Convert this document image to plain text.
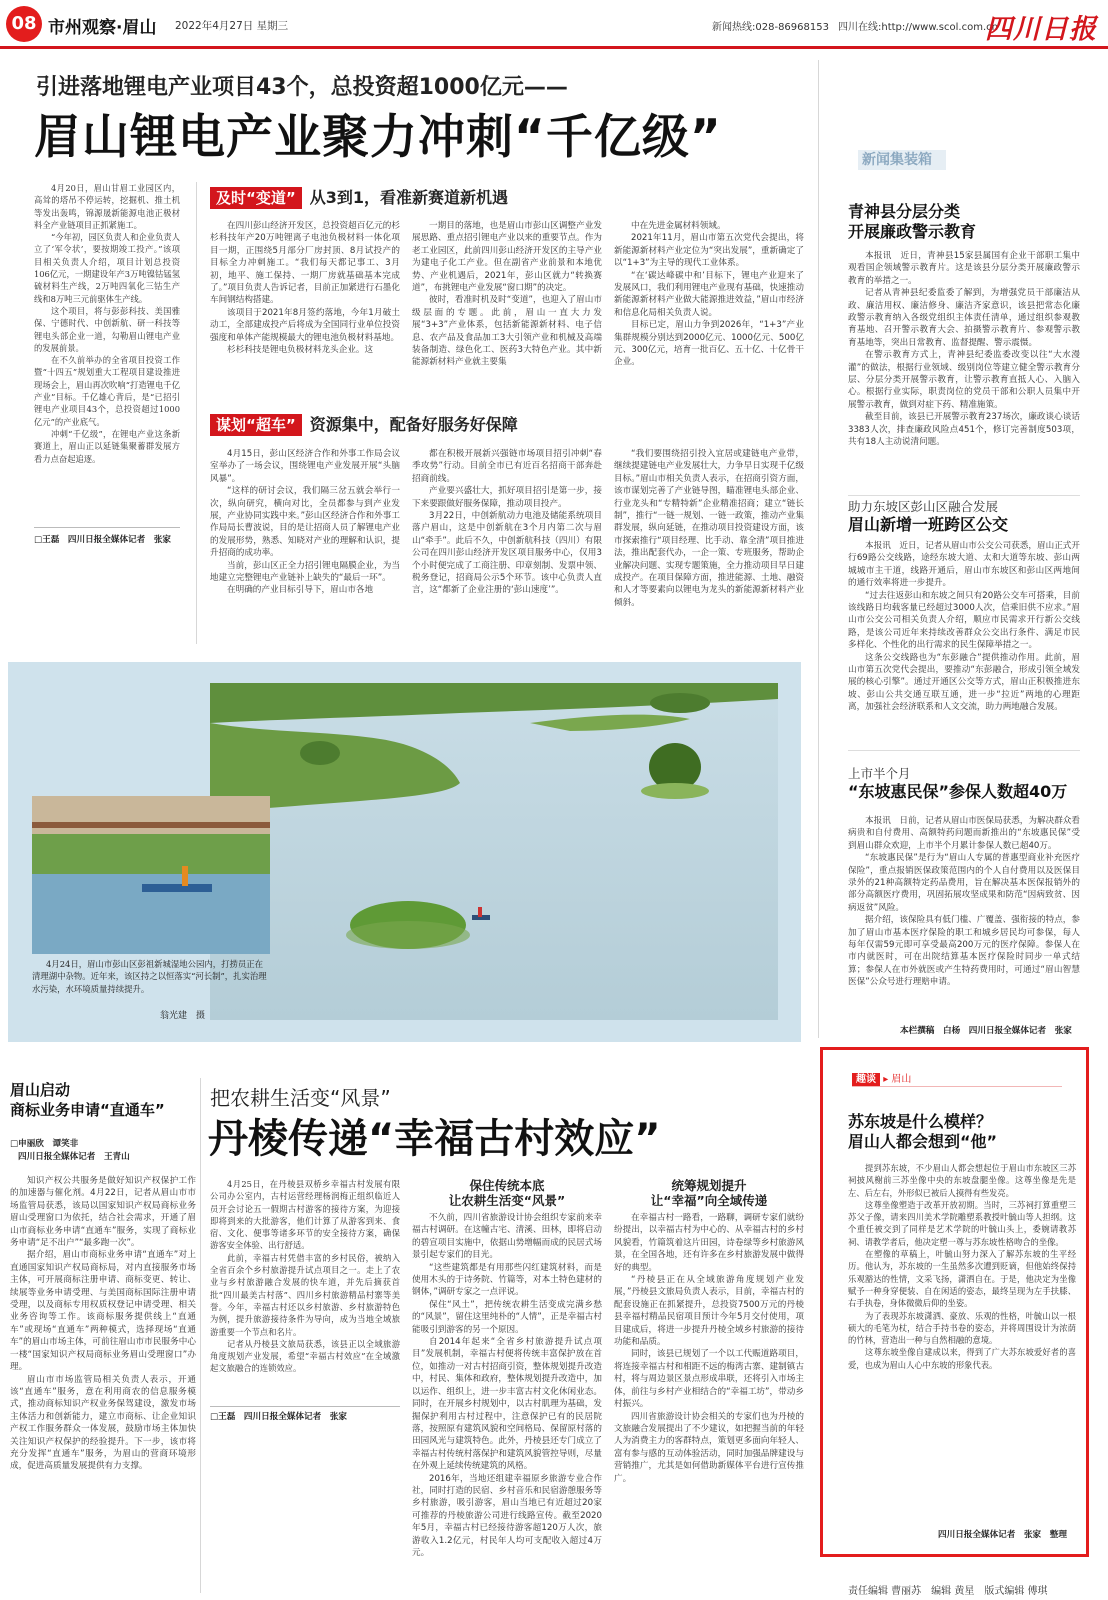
08 市州观察·眉山 2022年4月27日 星期三	新闻热线:028-86968153 四川在线:http://www.scol.com.cn
四川日报
引进落地锂电产业项目43个，总投资超1000亿元——
眉山锂电产业聚力冲刺“千亿级”

4月20日，眉山甘眉工业园区内，高耸的塔吊不停运转，挖掘机、推土机等发出轰鸣，锦源晟新能源电池正极材料全产业链项目正抓紧施工。

“今年初，园区负责人和企业负责人立了‘军令状’，要按期竣工投产。”该项目相关负责人介绍，项目计划总投资106亿元，一期建设年产3万吨镍钴锰氢硫材料生产线，2万吨四氧化三钴生产线和8万吨三元前驱体生产线。

这个项目，将与彭彭科技、美国雅保、宁德时代、中创新航、研一科技等锂电头部企业一道，勾勒眉山锂电产业的发展前景。

在不久前举办的全省项目投资工作暨“十四五”规划重大工程项目建设推进现场会上，眉山再次吹响“打造锂电千亿产业”目标。千亿雄心背后，是“已招引锂电产业项目43个，总投资超过1000亿元”的产业底气。

冲刺“千亿级”，在锂电产业这条新赛道上，眉山正以延链集聚蓄群发展方看力点奋起追逐。

□王磊　四川日报全媒体记者　张家
及时“变道” 从3到1，看准新赛道新机遇

在四川彭山经济开发区，总投资超百亿元的杉杉科技年产20万吨锂离子电池负极材料一体化项目一期，正围绕5月部分厂房封顶、8月试投产的目标全力冲刺施工。“我们每天都记事工、3月初，地平、施工保持、一期厂房就基础基本完成了。”项目负责人告诉记者，目前正加紧进行石墨化车间钢结构搭建。

该项目于2021年8月签约落地，今年1月破土动工，全部建成投产后将成为全国同行业单位投资强度和单体产能规模最大的锂电池负极材料基地。

杉杉科技是锂电负极材料龙头企业。这

一期目的落地，也是眉山市彭山区调整产业发展思路、重点招引锂电产业以来的重要节点。作为老工业园区，此前四川彭山经济开发区的主导产业为建电子化工产业。但在副省产业前景和本地优势、产业机遇后，2021年，彭山区就力“转换赛道”，布挑锂电产业发展“窗口期”的决定。

彼时，看准时机及时“变道”，也迎入了眉山市级层面的专题。此前，眉山一直大力发展“3+3”产业体系，包括新能源新材料、电子信息、农产品及食品加工3大引领产业和机械及高端装备制造、绿色化工、医药3大特色产业。其中新能源新材料产业就主要集

中在先进金属材料领域。

2021年11月，眉山市第五次党代会提出，将新能源新材料产业定位为“突出发展”，重新确定了以“1+3”为主导的现代工业体系。

“在‘碳达峰碳中和’目标下，锂电产业迎来了发展风口，我们利用锂电产业现有基础，快速推动新能源新材料产业做大能源推进效益，”眉山市经济和信息化局相关负责人说。

目标已定，眉山力争到2026年，“1+3”产业集群规模分别达到2000亿元、1000亿元、500亿元、300亿元，培育一批百亿、五十亿、十亿骨干企业。

谋划“超车” 资源集中，配备好服务好保障

4月15日，彭山区经济合作和外事工作局会议室举办了一场会议，围绕锂电产业发展开展“头脑风暴”。

“这样的研讨会议，我们隔三岔五就会举行一次，纵向研究，横向对比，全员都参与到产业发展，产业协同实践中来。”彭山区经济合作和外事工作局局长曹波说，目的是让招商人员了解锂电产业的发展形势，熟悉、知晓对产业的理解和认识，提升招商的成功率。

当前，彭山区正全力招引锂电隔膜企业，为当地建立完整锂电产业链补上缺失的“最后一环”。

在明确的产业目标引导下，眉山市各地

都在积极开展新兴强链市场项目招引冲刺“春季攻势”行动。目前全市已有近百名招商干部奔赴招商前线。

产业要兴盛壮大，抓好项目招引是第一步，接下来要跟做好服务保障，推动项目投产。

3月22日，中创新航动力电池及储能系统项目落户眉山，这是中创新航在3个月内第二次与眉山“牵手”。此后不久，中创新航科技（四川）有限公司在四川彭山经济开发区项目服务中心，仅用3个小时便完成了工商注册、印章刻制、发票申领、税务登记，招商局公示5个环节。该中心负责人直言，这“都新了企业注册的‘彭山速度’”。

“我们要围绕招引投入宜居或建链电产业带，继续提建链电产业发展壮大，力争早日实现千亿级目标。”眉山市相关负责人表示，在招商引资方面，该市谋划完善了产业链导图，瞄准锂电头部企业、行业龙头和“专精特新”企业精准招商；建立“链长制”，推行“一链一规划、一链一政策，推动产业集群发展，纵向延链，在推动项目投资建设方面，该市探索推行“项目经理、比手动、靠全清”项目推进法，推出配套代办，一企一策、专班服务，帮助企业解决问题、实现专题策施，全力推动项目早日建成投产。在项目保障方面，推进能源、土地、融资和人才等要素向以锂电为龙头的新能源新材料产业倾斜。

新闻集装箱
青神县分层分类
开展廉政警示教育

本报讯　近日，青神县15家县属国有企业干部职工集中观看国企领域警示教育片。这是该县分层分类开展廉政警示教育的举措之一。

记者从青神县纪委监委了解到，为增强党员干部廉洁从政、廉洁用权、廉洁修身、廉洁齐家意识，该县把常态化廉政警示教育纳入各级党组织主体责任清单，通过组织参观教育基地、召开警示教育大会、拍摄警示教育片、参观警示教育基地等，突出日常教育、监督提醒、警示震慑。

在警示教育方式上，青神县纪委监委改变以往“大水漫灌”的做法，根据行业领域、级别岗位等建立健全警示教育分层、分层分类开展警示教育，让警示教育直抵人心、入脑入心。根据行业实际，职责岗位的党员干部和公职人员集中开展警示教育，做到对症下药、精准施策。

截至目前，该县已开展警示教育237场次，廉政谈心谈话3383人次，排查廉政风险点451个，修订完善制度503项，共有18人主动说清问题。

助力东坡区彭山区融合发展
眉山新增一班跨区公交

本报讯　近日，记者从眉山市公交公司获悉，眉山正式开行69路公交线路，途经东坡大道、太和大道等东坡、彭山两城城市主干道，线路开通后，眉山市东坡区和彭山区两地间的通行效率将进一步提升。

“过去往返彭山和东坡之间只有20路公交车可搭乘，目前该线路日均载客量已经超过3000人次，信乘旧供不应求。”眉山市公交公司相关负责人介绍，顺应市民需求开行新公交线路，是该公司近年来持续改善群众公交出行条件、满足市民多样化、个性化的出行需求的民生保障举措之一。

这条公交线路也为“东彭融合”提供推动作用。此前，眉山市第五次党代会提出，要推动“东彭融合，形成引领全域发展的核心引擎”。通过开通区公交等方式，眉山正积极推进东坡、彭山公共交通互联互通，进一步“拉近”两地的心理距离，加强社会经济联系和人文交流，助力两地融合发展。

上市半个月
“东坡惠民保”参保人数超40万

本报讯　日前，记者从眉山市医保局获悉，为解决群众看病贵和自付费用、高额特药问题而新推出的“东坡惠民保”受到眉山群众欢迎，上市半个月累计参保人数已超40万。

“东坡惠民保”是行为“眉山人专属的普惠型商业补充医疗保险”，重点报销医保政策范围内的个人自付费用以及医保目录外的21种高额特定药品费用，旨在解决基本医保报销外的部分高额医疗费用，巩固拓展攻坚成果和防范“因病致贫、因病返贫”风险。

据介绍，该保险具有低门槛、广覆盖、强衔接的特点，参加了眉山市基本医疗保险的职工和城乡居民均可参保，每人每年仅需59元即可享受最高200万元的医疗保障。参保人在市内就医时，可在出院结算基本医疗保险时同步一单式结算；参保人在市外就医或产生特药费用时，可通过“眉山智慧医保”公众号进行理赔申请。

本栏撰稿　白杨　四川日报全媒体记者　张家
4月24日，眉山市彭山区彭祖新城湿地公园内，打捞员正在清理湖中杂物。近年来，该区持之以恒落实“河长制”，扎实治理水污染，水环境质量持续提升。
翁光建　摄
眉山启动
商标业务申请“直通车”
□申丽欣　谭笑非
四川日报全媒体记者　王青山

知识产权公共服务是做好知识产权保护工作的加速器与催化剂。4月22日，记者从眉山市市场监管局获悉，该局以国家知识产权局商标业务眉山受理窗口为依托，结合社会需求，开通了眉山市商标业务申请“直通车”服务，实现了商标业务申请“足不出户”“最多跑一次”。

据介绍，眉山市商标业务申请“直通车”对上直通国家知识产权局商标局，对内直接服务市场主体，可开展商标注册申请、商标变更、转让、续展等业务申请受理、与美国商标国际注册申请受理，以及商标专用权质权登记申请受理、相关业务咨询等工作。该商标服务提供线上“直通车”或现场“直通车”两种模式，选择现场“直通车”的眉山市场主体，可前往眉山市市民服务中心一楼“国家知识产权局商标业务眉山受理窗口”办理。

眉山市市场监管局相关负责人表示，开通该“直通车”服务，意在利用商农的信息服务模式，推动商标知识产权业务保驾建设，激发市场主体活力和创新能力，建立市商标、让企业知识产权工作服务群众一体发展，鼓励市场主体加快关注知识产权保护的经验提升。下一步，该市将充分发挥“直通车”服务，为眉山的营商环境形成，促进高质量发展提供有力支撑。

把农耕生活变“风景”
丹棱传递“幸福古村效应”

4月25日，在丹棱县双桥乡幸福古村发展有限公司办公室内，古村运营经理杨润梅正组织临近人员开会讨论五一假期古村游客的接待方案，为迎接即将到来的大批游客，他们计算了从游客到来、食宿、文化、便事等诸多环节的安全接待方案，确保游客安全体验、出行舒适。

此前，幸福古村凭借丰富的乡村民俗，被纳入全省百余个乡村旅游提升试点项目之一。走上了农业与乡村旅游融合发展的快车道，并先后摘获首批“四川最美古村落”、四川乡村旅游精品村寨等美誉。今年，幸福古村还以乡村旅游、乡村旅游特色为例，提升旅游接待条件为导向，成为当地全域旅游重要一个节点和名片。

记者从丹棱县文旅局获悉，该县正以全域旅游角度规划产业发展，希望“幸福古村效应”在全域激起文旅融合的连锁效应。

□王磊　四川日报全媒体记者　张家
保住传统本底
让农耕生活变“风景”

不久前，四川省旅游设计协会组织专家前来幸福古村调研。在这幢古宅、清溪、田林，即将启动的碧宣项目实施中，依据山势增幅而成的民居式场景引起专家们的目光。

“这些建筑都是有用那些闪红建筑材料，而是使用木头的于诗务院、竹篇等，对本土特色建材的钢体，”调研专家之一点评说。

保住“风土”，把传统农耕生活变成完满乡愁的“风景”，留住这里纯朴的“人情”，正是幸福古村能吸引到游客的另一个原因。

自2014年起来“全省乡村旅游提升试点项目”发展机制，幸福古村便将传统丰富保护放在首位，如推动一对古村招商引资，整体规划提升改造中，村民、集体和政府，整体规划提升改造中，加以运作、组织上，进一步丰富古村文化休闲业态。同时，在开展乡村规划中，以古村肌理为基础，发掘保护利用古村过程中，注意保护已有的民居院落，按照原有建筑风貌和空间格局、保留原村落的田园风光与建筑特色。此外，丹棱县还专门成立了幸福古村传统村落保护和建筑风貌管控导则，尽量在外观上延续传统建筑的风格。

2016年，当地还组建幸福原乡旅游专业合作社，同时打造的民宿、乡村音乐和民宿游憩服务等乡村旅游，吸引游客，眉山当地已有近超过20家可推荐的丹棱旅游公司进行线路宣传。截至2020年5月，幸福古村已经接待游客超120万人次，旅游收入1.2亿元，村民年人均可支配收入超过4万元。

统筹规划提升
让“幸福”向全域传递

在幸福古村一路看，一路聊，调研专家们就纷纷提出，以幸福古村为中心的、从幸福古村的乡村风貌看，竹篇筑着这片田园，诗卷绿等乡村旅游风景，在全国各地，还有许多在乡村旅游发展中做得好的典型。

“丹棱县正在从全域旅游角度规划产业发展，”丹棱县文旅局负责人表示，目前，幸福古村的配套设施正在抓紧提升，总投资7500万元的丹棱县幸福村精品民宿项目预计今年5月交付使用，项目建成后，将进一步提升丹棱全域乡村旅游的接待功能和品质。

同时，该县已规划了一个以工代赈道路项目，将连接幸福古村和相距不远的梅湾古寨、建制镇古村，将与周边景区景点形成串联，还将引入市场主体，前往与乡村产业相结合的“幸福工坊”，带动乡村振兴。

四川省旅游设计协会相关的专家们也为丹棱的文旅融合发展提出了不少建议，如把握当前的年轻人为消费主力的客群特点，策划更多面向年轻人、富有参与感的互动体验活动，同时加强品牌建设与营销推广，尤其是如何借助新媒体平台进行宣传推广。

趣谈 ▸ 眉山
苏东坡是什么模样？
眉山人都会想到“他”

提到苏东坡，不少眉山人都会想起位于眉山市东坡区三苏祠披风榭前三苏坐像中央的东坡盘腿坐像。这尊坐像是先是左、后左右，外形似已被后人摸得有些发亮。

这尊坐像塑造于改革开放初期。当时，三苏祠打算重塑三苏父子像，请来四川美术学院雕塑系教授叶毓山等人担纲。这个重任被交到了同样是艺术学院的叶毓山头上，委婉请教苏祠、请教学者后，他决定塑一尊与苏东坡性格吻合的坐像。

在塑像的草稿上，叶毓山努力深入了解苏东坡的生平经历。他认为，苏东坡的一生虽然多次遭到贬谪，但他始终保持乐观豁达的性情，文采飞扬，潇洒自在。于是，他决定为坐像赋予一种身穿便装、自在闲适的姿态，最终呈现为左手扶膝、右手执卷，身体微微后仰的坐姿。

为了表现苏东坡潇洒、豪放、乐观的性格，叶毓山以一根硕大的毛笔为杖，结合手持书卷的姿态，并将周围设计为浓荫的竹林，营造出一种与自然相融的意境。

这尊东坡坐像自建成以来，得到了广大苏东坡爱好者的喜爱，也成为眉山人心中东坡的形象代表。

四川日报全媒体记者　张家　整理
责任编辑 曹丽苏　编辑 黄星　版式编辑 傅琪
